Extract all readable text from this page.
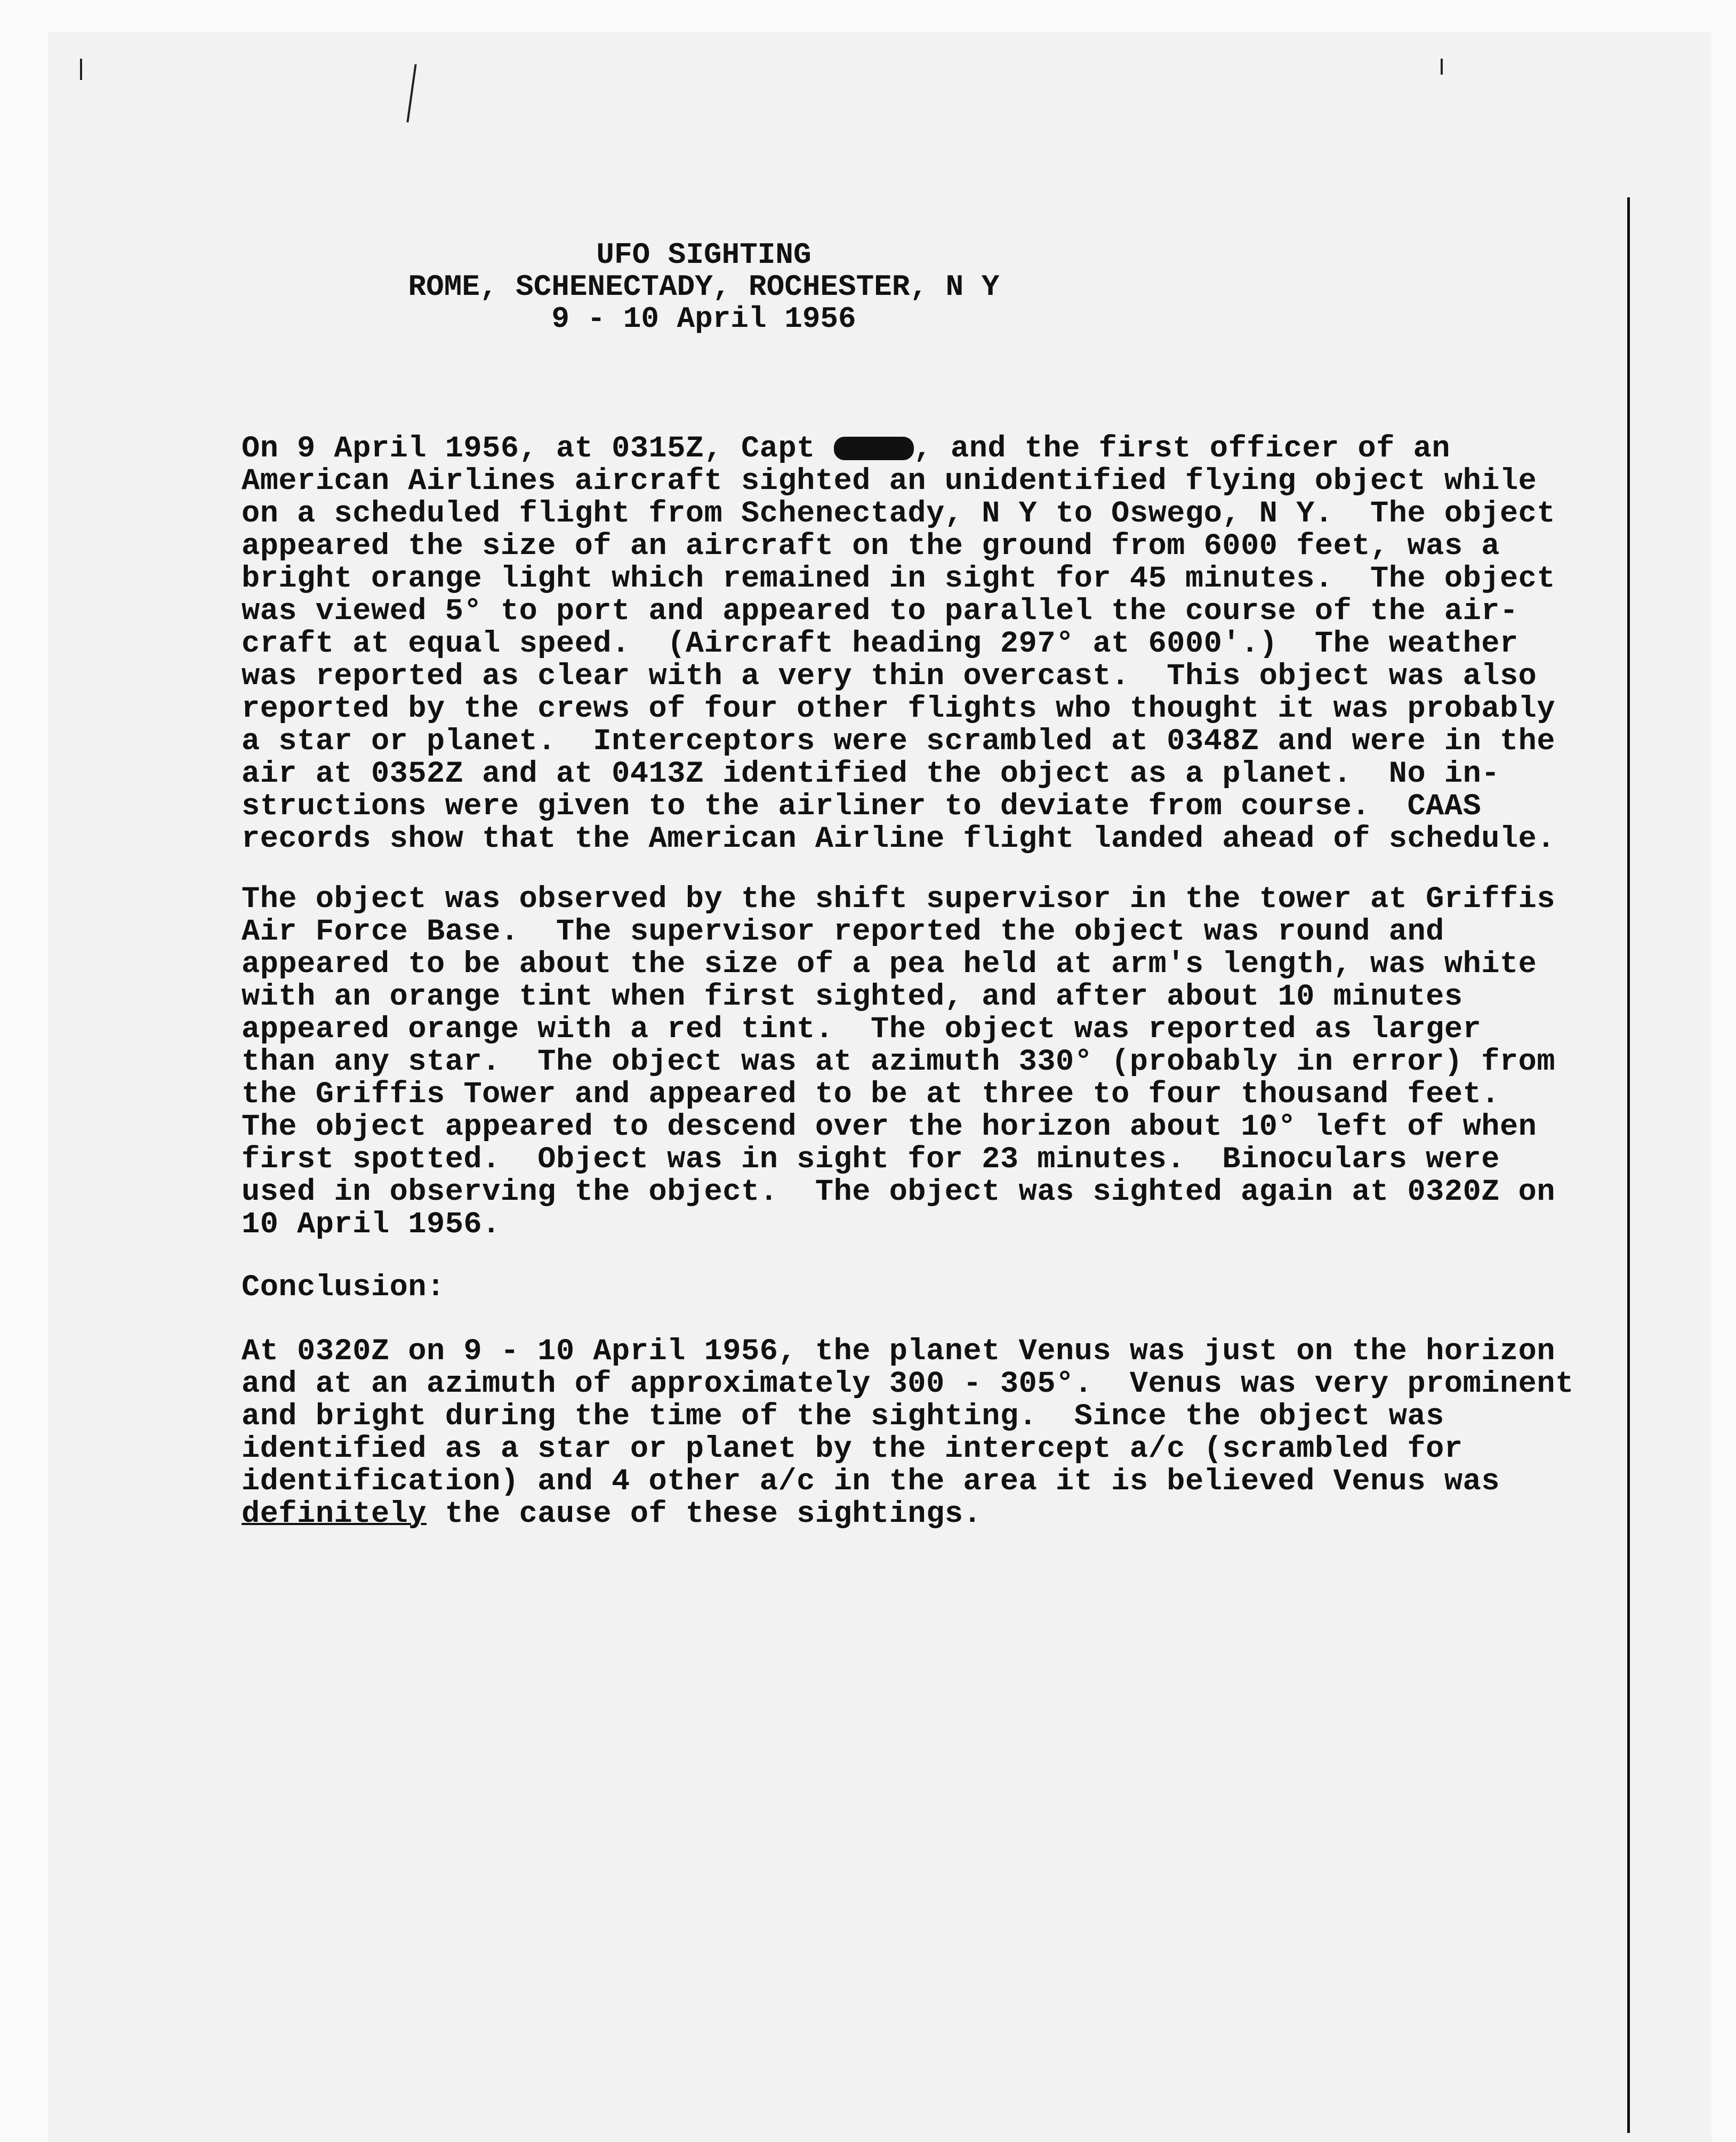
UFO SIGHTING
ROME, SCHENECTADY, ROCHESTER, N Y
9 - 10 April 1956
On 9 April 1956, at 0315Z, Capt	, and the first officer of an
American Airlines aircraft sighted an unidentified flying object while
on a scheduled flight from Schenectady, N Y to Oswego, N Y.  The object
appeared the size of an aircraft on the ground from 6000 feet, was a
bright orange light which remained in sight for 45 minutes.  The object
was viewed 5° to port and appeared to parallel the course of the air-
craft at equal speed.  (Aircraft heading 297° at 6000'.)  The weather
was reported as clear with a very thin overcast.  This object was also
reported by the crews of four other flights who thought it was probably
a star or planet.  Interceptors were scrambled at 0348Z and were in the
air at 0352Z and at 0413Z identified the object as a planet.  No in-
structions were given to the airliner to deviate from course.  CAAS
records show that the American Airline flight landed ahead of schedule.
The object was observed by the shift supervisor in the tower at Griffis
Air Force Base.  The supervisor reported the object was round and
appeared to be about the size of a pea held at arm's length, was white
with an orange tint when first sighted, and after about 10 minutes
appeared orange with a red tint.  The object was reported as larger
than any star.  The object was at azimuth 330° (probably in error) from
the Griffis Tower and appeared to be at three to four thousand feet.
The object appeared to descend over the horizon about 10° left of when
first spotted.  Object was in sight for 23 minutes.  Binoculars were
used in observing the object.  The object was sighted again at 0320Z on
10 April 1956.
Conclusion:
At 0320Z on 9 - 10 April 1956, the planet Venus was just on the horizon
and at an azimuth of approximately 300 - 305°.  Venus was very prominent
and bright during the time of the sighting.  Since the object was
identified as a star or planet by the intercept a/c (scrambled for
identification) and 4 other a/c in the area it is believed Venus was
definitely the cause of these sightings.
